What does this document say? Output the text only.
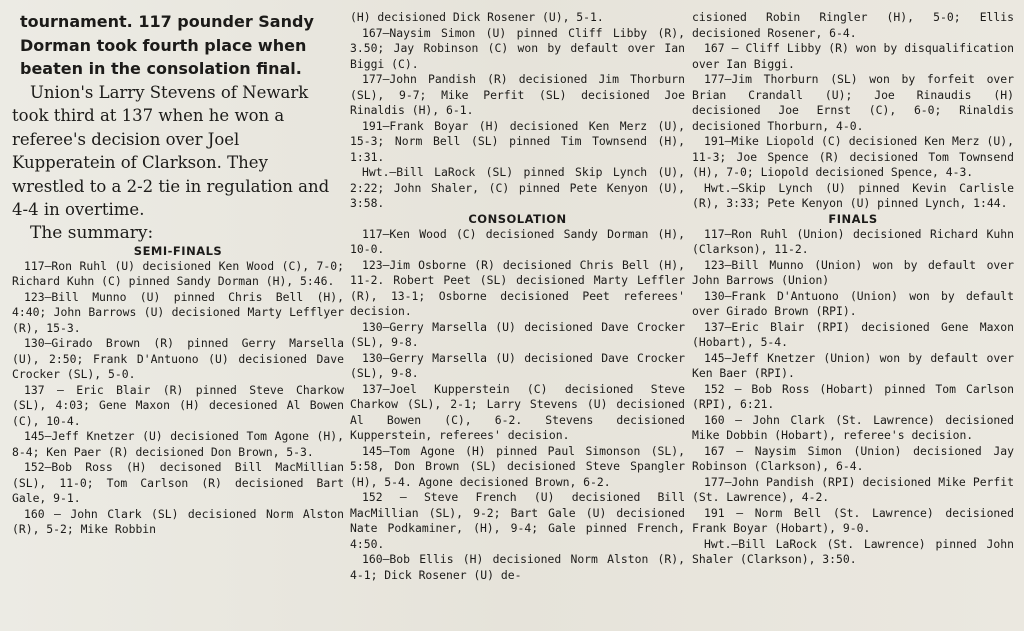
tournament. 117 pounder Sandy Dorman took fourth place when beaten in the consolation final.

Union's Larry Stevens of Newark took third at 137 when he won a referee's decision over Joel Kupperatein of Clarkson. They wrestled to a 2-2 tie in regulation and 4-4 in overtime.

The summary:

SEMI-FINALS

117—Ron Ruhl (U) decisioned Ken Wood (C), 7-0; Richard Kuhn (C) pinned Sandy Dorman (H), 5:46.

123—Bill Munno (U) pinned Chris Bell (H), 4:40; John Barrows (U) decisioned Marty Lefflyer (R), 15-3.

130—Girado Brown (R) pinned Gerry Marsella (U), 2:50; Frank D'Antuono (U) decisioned Dave Crocker (SL), 5-0.

137 — Eric Blair (R) pinned Steve Charkow (SL), 4:03; Gene Maxon (H) decesioned Al Bowen (C), 10-4.

145—Jeff Knetzer (U) decisioned Tom Agone (H), 8-4; Ken Paer (R) decisioned Don Brown, 5-3.

152—Bob Ross (H) decisoned Bill MacMillian (SL), 11-0; Tom Carlson (R) decisioned Bart Gale, 9-1.

160 — John Clark (SL) decisioned Norm Alston (R), 5-2; Mike Robbin

(H) decisioned Dick Rosener (U), 5-1.

167—Naysim Simon (U) pinned Cliff Libby (R), 3.50; Jay Robinson (C) won by default over Ian Biggi (C).

177—John Pandish (R) decisioned Jim Thorburn (SL), 9-7; Mike Perfit (SL) decisioned Joe Rinaldis (H), 6-1.

191—Frank Boyar (H) decisioned Ken Merz (U), 15-3; Norm Bell (SL) pinned Tim Townsend (H), 1:31.

Hwt.—Bill LaRock (SL) pinned Skip Lynch (U), 2:22; John Shaler, (C) pinned Pete Kenyon (U), 3:58.

CONSOLATION

117—Ken Wood (C) decisioned Sandy Dorman (H), 10-0.

123—Jim Osborne (R) decisioned Chris Bell (H), 11-2. Robert Peet (SL) decisioned Marty Leffler (R), 13-1; Osborne decisioned Peet referees' decision.

130—Gerry Marsella (U) decisioned Dave Crocker (SL), 9-8.

130—Gerry Marsella (U) decisioned Dave Crocker (SL), 9-8.

137—Joel Kupperstein (C) decisioned Steve Charkow (SL), 2-1; Larry Stevens (U) decisioned Al Bowen (C), 6-2. Stevens decisioned Kupperstein, referees' decision.

145—Tom Agone (H) pinned Paul Simonson (SL), 5:58, Don Brown (SL) decisioned Steve Spangler (H), 5-4. Agone decisioned Brown, 6-2.

152 — Steve French (U) decisioned Bill MacMillian (SL), 9-2; Bart Gale (U) decisioned Nate Podkaminer, (H), 9-4; Gale pinned French, 4:50.

160—Bob Ellis (H) decisioned Norm Alston (R), 4-1; Dick Rosener (U) de-

cisioned Robin Ringler (H), 5-0; Ellis decisioned Rosener, 6-4.

167 — Cliff Libby (R) won by disqualification over Ian Biggi.

177—Jim Thorburn (SL) won by forfeit over Brian Crandall (U); Joe Rinaudis (H) decisioned Joe Ernst (C), 6-0; Rinaldis decisioned Thorburn, 4-0.

191—Mike Liopold (C) decisioned Ken Merz (U), 11-3; Joe Spence (R) decisioned Tom Townsend (H), 7-0; Liopold decisioned Spence, 4-3.

Hwt.—Skip Lynch (U) pinned Kevin Carlisle (R), 3:33; Pete Kenyon (U) pinned Lynch, 1:44.

FINALS

117—Ron Ruhl (Union) decisioned Richard Kuhn (Clarkson), 11-2.

123—Bill Munno (Union) won by default over John Barrows (Union)

130—Frank D'Antuono (Union) won by default over Girado Brown (RPI).

137—Eric Blair (RPI) decisioned Gene Maxon (Hobart), 5-4.

145—Jeff Knetzer (Union) won by default over Ken Baer (RPI).

152 — Bob Ross (Hobart) pinned Tom Carlson (RPI), 6:21.

160 — John Clark (St. Lawrence) decisioned Mike Dobbin (Hobart), referee's decision.

167 — Naysim Simon (Union) decisioned Jay Robinson (Clarkson), 6-4.

177—John Pandish (RPI) decisioned Mike Perfit (St. Lawrence), 4-2.

191 — Norm Bell (St. Lawrence) decisioned Frank Boyar (Hobart), 9-0.

Hwt.—Bill LaRock (St. Lawrence) pinned John Shaler (Clarkson), 3:50.
